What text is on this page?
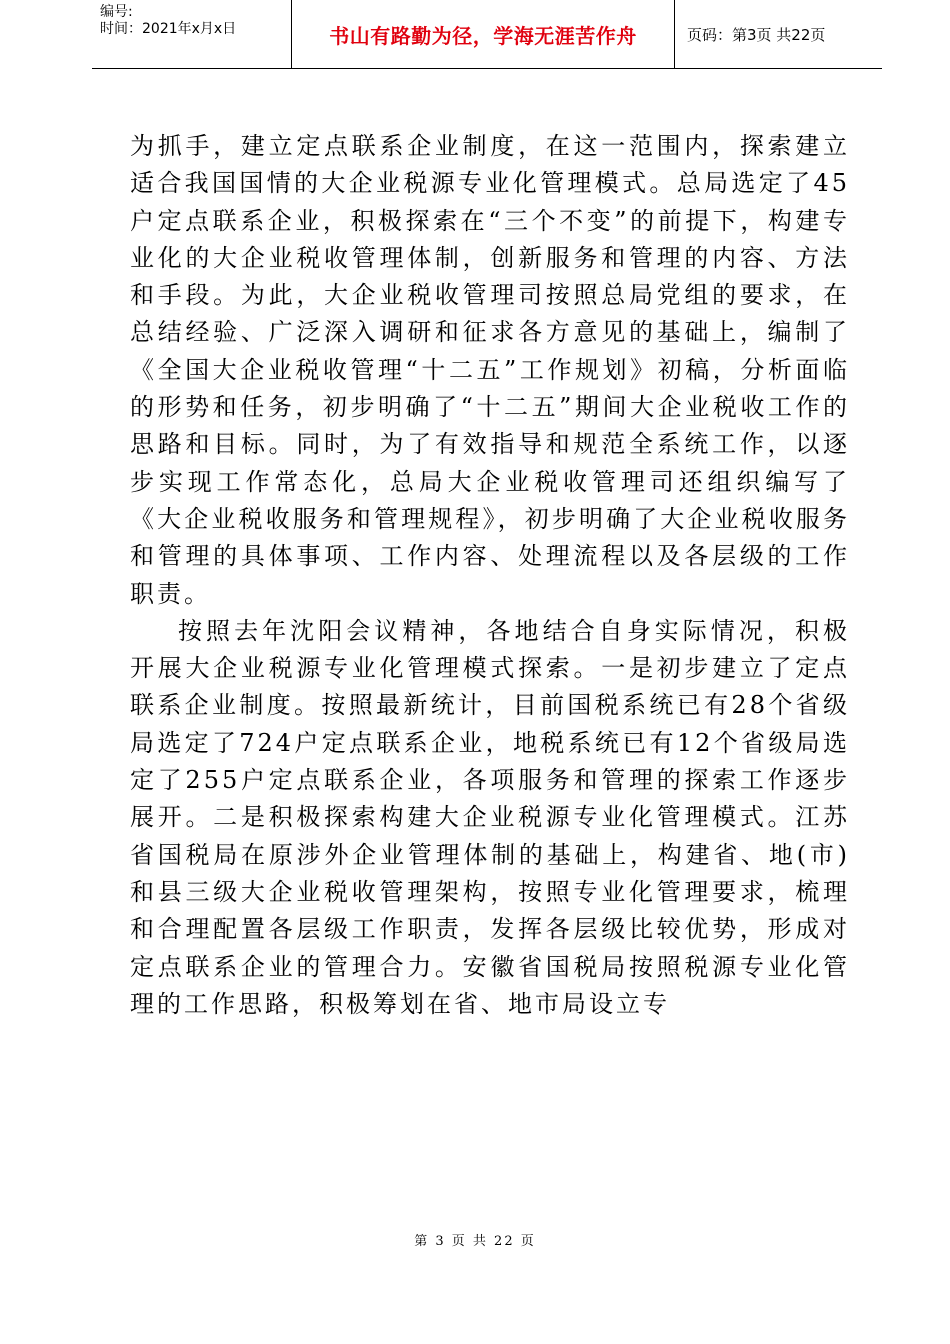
编号:
时间：2021年x月x日	书山有路勤为径，学海无涯苦作舟	页码：第3页 共22页

为抓手，建立定点联系企业制度，在这一范围内，探索建立适合我国国情的大企业税源专业化管理模式。总局选定了45户定点联系企业，积极探索在“三个不变”的前提下，构建专业化的大企业税收管理体制，创新服务和管理的内容、方法和手段。为此，大企业税收管理司按照总局党组的要求，在总结经验、广泛深入调研和征求各方意见的基础上，编制了《全国大企业税收管理“十二五”工作规划》初稿，分析面临的形势和任务，初步明确了“十二五”期间大企业税收工作的思路和目标。同时，为了有效指导和规范全系统工作，以逐步实现工作常态化，总局大企业税收管理司还组织编写了《大企业税收服务和管理规程》，初步明确了大企业税收服务和管理的具体事项、工作内容、处理流程以及各层级的工作职责。

按照去年沈阳会议精神，各地结合自身实际情况，积极开展大企业税源专业化管理模式探索。一是初步建立了定点联系企业制度。按照最新统计，目前国税系统已有28个省级局选定了724户定点联系企业，地税系统已有12个省级局选定了255户定点联系企业，各项服务和管理的探索工作逐步展开。二是积极探索构建大企业税源专业化管理模式。江苏省国税局在原涉外企业管理体制的基础上，构建省、地(市)和县三级大企业税收管理架构，按照专业化管理要求，梳理和合理配置各层级工作职责，发挥各层级比较优势，形成对定点联系企业的管理合力。安徽省国税局按照税源专业化管理的工作思路，积极筹划在省、地市局设立专

第 3 页 共 22 页
